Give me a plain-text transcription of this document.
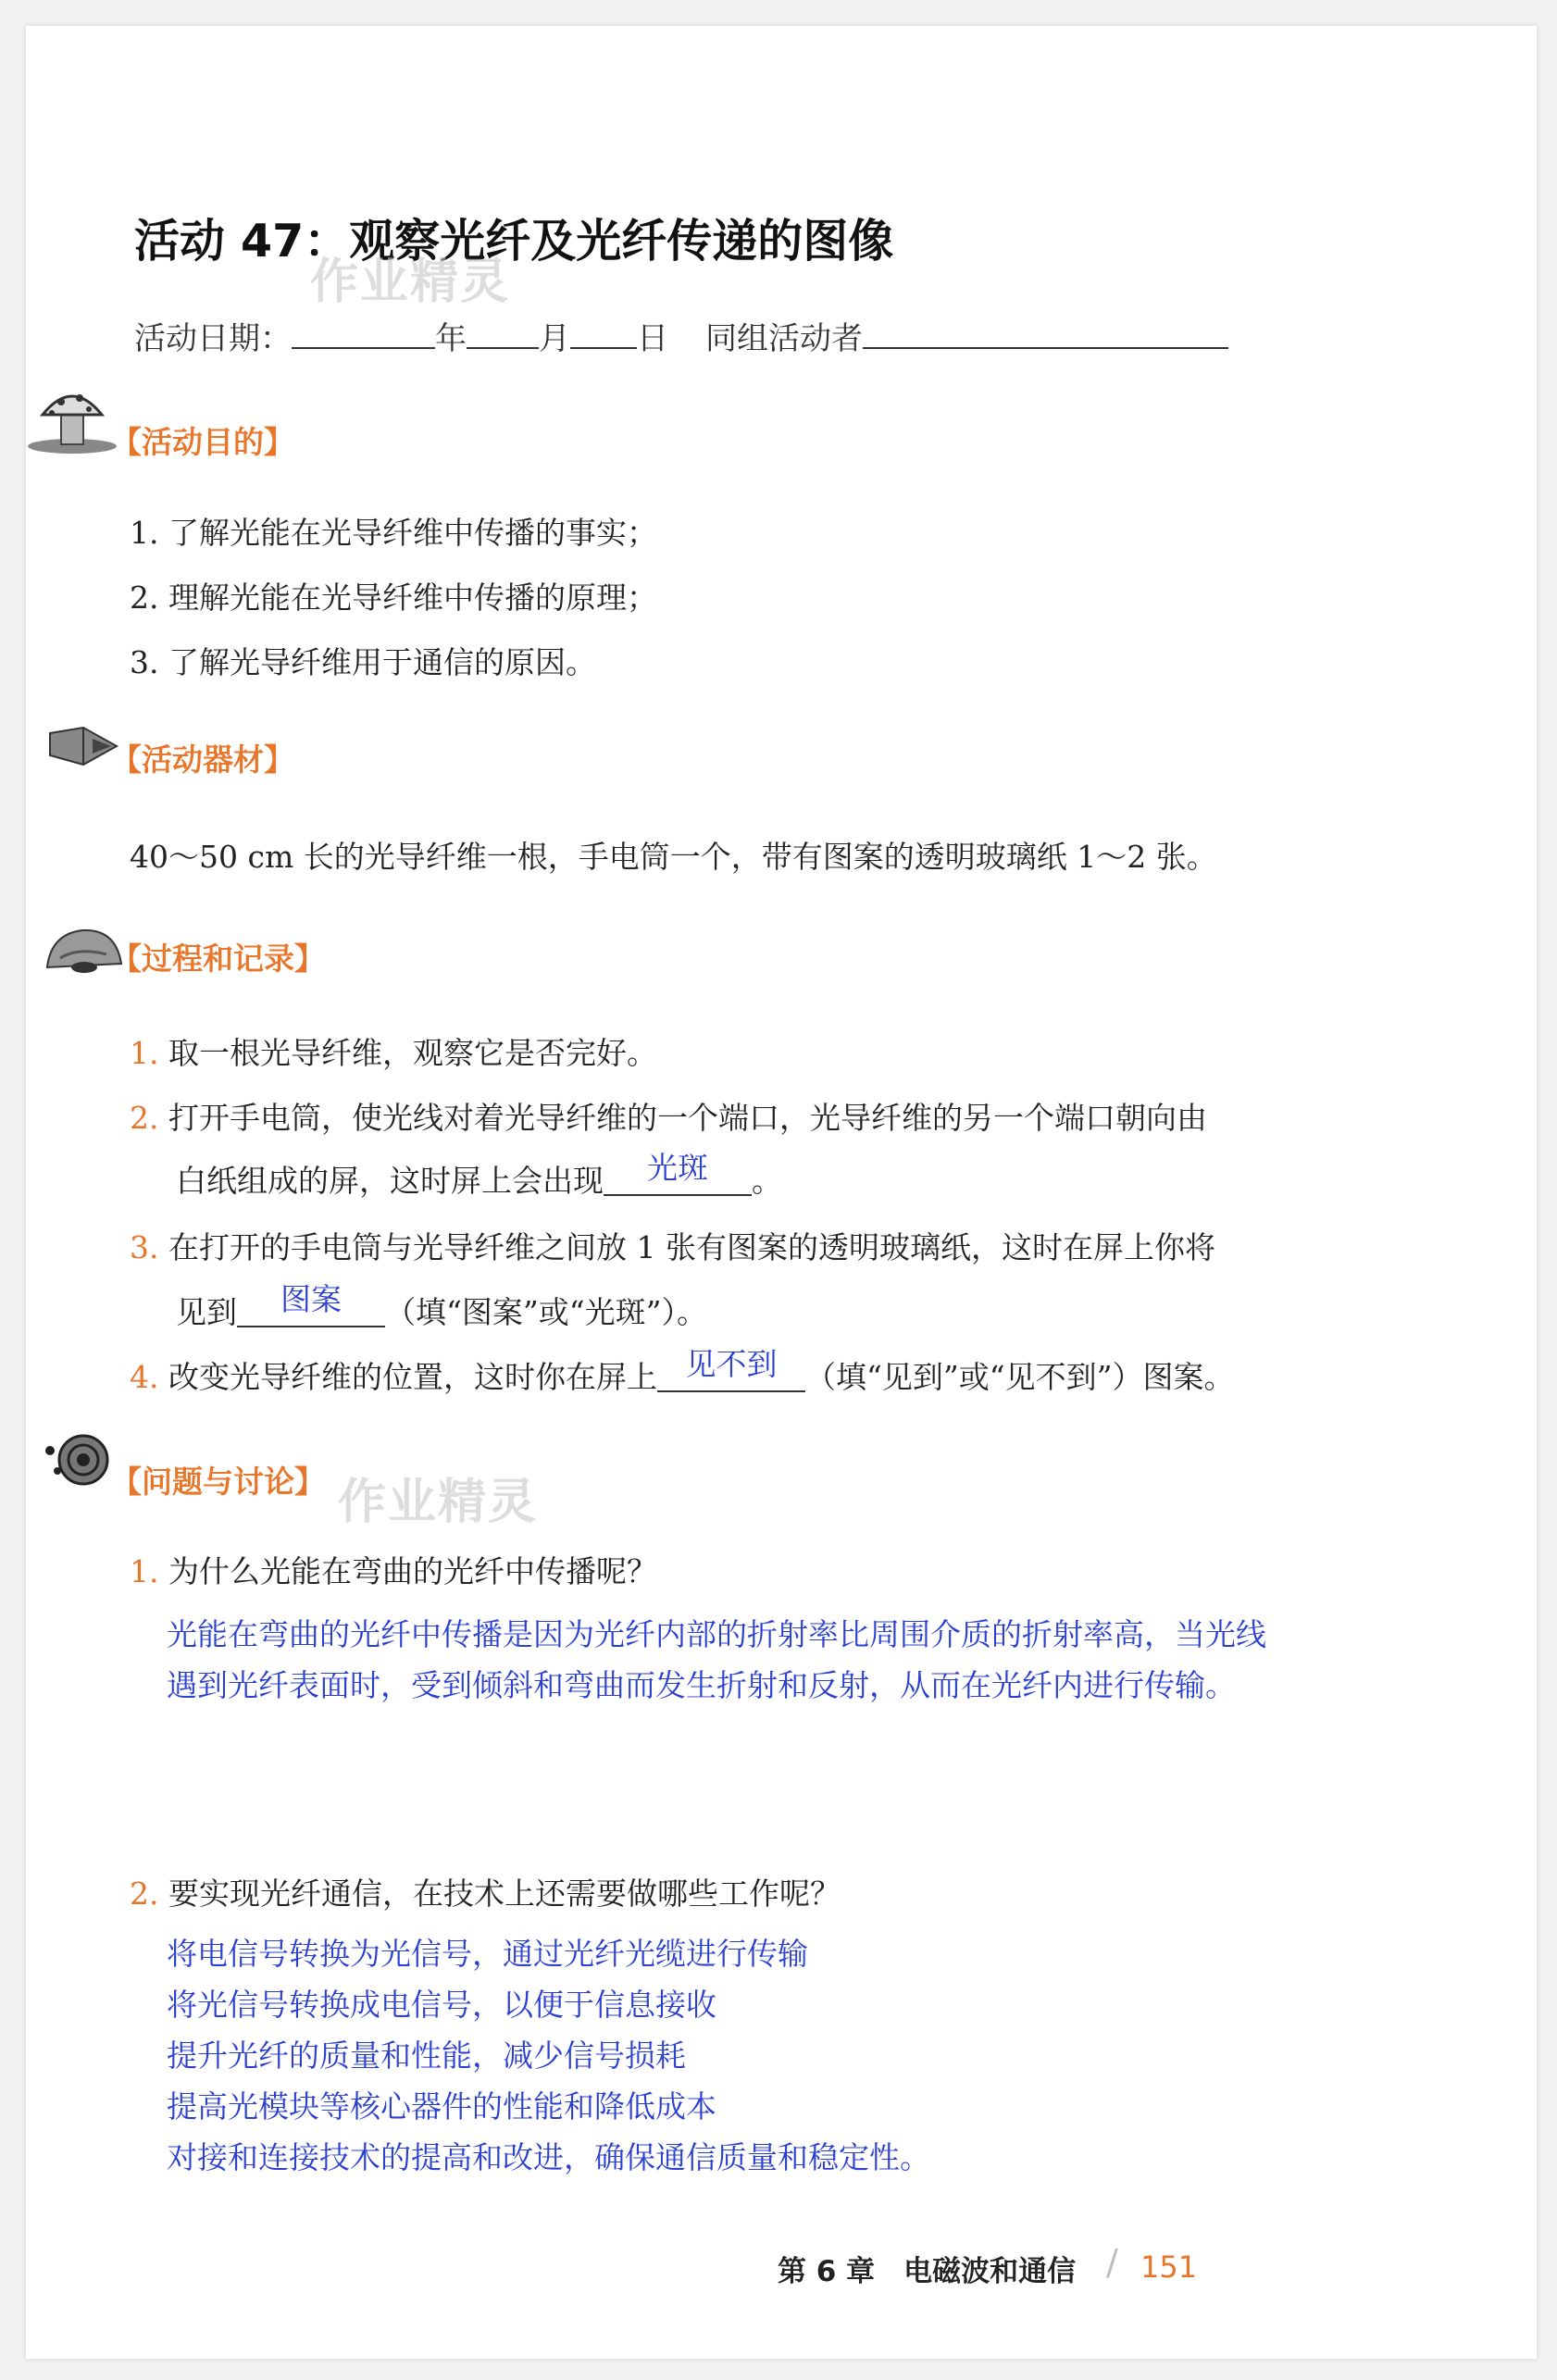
活动 47：观察光纤及光纤传递的图像
作业精灵
活动日期：	年 月 日 同组活动者
【活动目的】
1. 了解光能在光导纤维中传播的事实；
2. 理解光能在光导纤维中传播的原理；
3. 了解光导纤维用于通信的原因。
【活动器材】
40～50 cm 长的光导纤维一根，手电筒一个，带有图案的透明玻璃纸 1～2 张。
【过程和记录】
1. 取一根光导纤维，观察它是否完好。
2. 打开手电筒，使光线对着光导纤维的一个端口，光导纤维的另一个端口朝向由
白纸组成的屏，这时屏上会出现 光斑 。
3. 在打开的手电筒与光导纤维之间放 1 张有图案的透明玻璃纸，这时在屏上你将
见到 图案 （填“图案”或“光斑”）。
4. 改变光导纤维的位置，这时你在屏上 见不到 （填“见到”或“见不到”）图案。
【问题与讨论】 作业精灵
1. 为什么光能在弯曲的光纤中传播呢？
光能在弯曲的光纤中传播是因为光纤内部的折射率比周围介质的折射率高，当光线
遇到光纤表面时，受到倾斜和弯曲而发生折射和反射，从而在光纤内进行传输。
2. 要实现光纤通信，在技术上还需要做哪些工作呢？
将电信号转换为光信号，通过光纤光缆进行传输
将光信号转换成电信号，以便于信息接收
提升光纤的质量和性能，减少信号损耗
提高光模块等核心器件的性能和降低成本
对接和连接技术的提高和改进，确保通信质量和稳定性。
第 6 章　电磁波和通信 / 151
